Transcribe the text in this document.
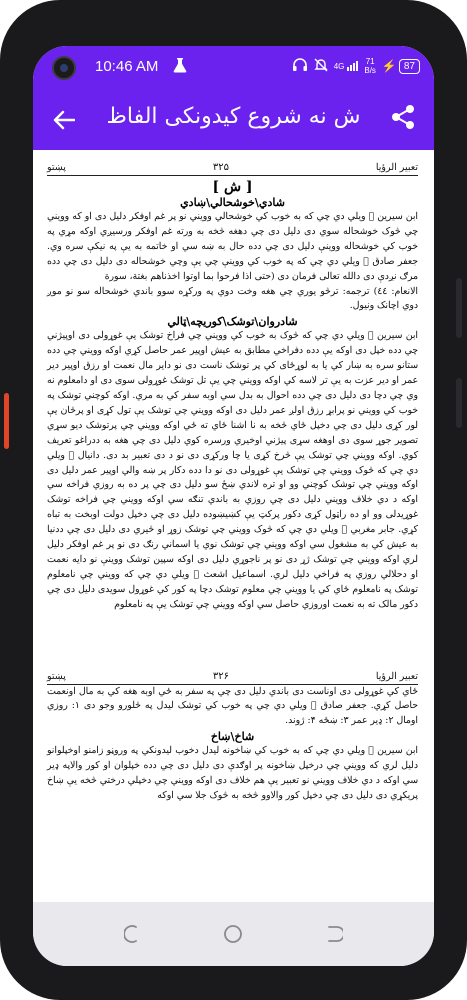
10:46 AM	4G
71
B/s ⚡ 87
ش نه شروع کيدونکی الفاظ
تعبیر الرؤیا
۳۲۵
پښتو
[ ش ]
شادي\خوشحالي\ښادي

ابن سيرين ﷫ ويلي دي چي که به خوب کي خوشحالي وويني نو پر غم اوفکر دليل دی او که وويني چي څوک خوشحاله سوي دی دليل دی چي دهغه څخه به ورته غم اوفکر ورسيږي اوکه مړي په خوب کي خوشحاله ووينې دليل دی چي دده حال به ښه سي او خاتمه به يې په نيکې سره وي. جعفر صادق ﷫ ويلي دي چي که په خوب کي ووينې چي يې وچي خوشحاله دی دليل دی چي دده مرګ نږدې دی دالله تعالى فرمان دی (حتى اذا فرحوا بما اوتوا اخذناهم بغتة، سورة

الانعام: ٤٤) ترجمه: ترڅو يوري چي هغه وخت دوي په ورکړه سوو باندي خوشحاله سو نو موږ دوي اچانک ونيول.

شادروان\توشک\کوريچه\ټالي

ابن سيرين ﷫ ويلي دي چي که څوک به خوب کي وويني چي فراخ توشک يې غوړولی دی اوپيژني چي دده خپل دی اوکه يې دده دفراخي مطابق به عيش اوپير عمر حاصل کړي اوکه وويني چي دده ستانو سره به ښار کي يا به لوړځای کي پر توشک ناست دی نو داير مال نعمت او رزق اوپير دير عمر او دير عزت به يې تر لاسه کي اوکه وويني چي يې تل توشک غوړولی سوی دی او دامعلوم نه وي چي دچا دی دليل دی چي دده احوال به بدل سي اوبه سفر کي به مري. اوکه کوچني توشک په خوب کي وويني نو پرابړ رزق اولږ عمر دليل دی اوکه وويني چي توشک يې تول کړی او پرڅان يې لور کړی دليل دی چي دخپل ځاي څخه به نا اشنا ځاي ته ځي اوکه وويني چي پرتوشک ديو سړي تصوير جوړ سوی دی اوهغه سړی پيژني اوخيري ورسره کوي دليل دی چي هغه به ددراغو تعريف کوي. اوکه وويني چي توشک يې څرخ کړی يا چا ورکړی دی نو د دی تعبير بد دی. دانيال ﷫ ويلي دي چي که څوک وويني چي توشک يې غوړولی دی نو دا دده دکار پر ښه والي اوپير عمر دليل دی اوکه وويني چي توشک کوچني وو او تره لاندي ښځ سو دليل دی چي پر ده به روزي فراخه سي اوکه د دي خلاف وويني دليل دی چي روزي به باندي تنګه سي اوکه وويني چي فراخه توشک غوړيدلی وو او ده راټول کړی دکور پرکټ يې کښيښوده دليل دی چي دخپل دولت اوبخت به تباه کړي. جابر مغربي ﷫ ويلي دي چي که څوک وويني چي توشک زوړ او څيري دی دليل دی چي ددنيا به عيش کي به مشغول سي اوکه وويني چي توشک نوي يا اسماني رنګ دی نو پر غم اوفکر دليل لري اوکه وويني چي توشک ژړ دی نو پر ناجوړي دليل دی اوکه سپين توشک ووينې نو دايه نعمت او دحلالي روزي په فراخي دليل لري. اسماعيل اشعث ﷫ ويلي دي چي که وويني چي نامعلوم توشک په نامعلوم ځاي کي يا وويني چي معلوم توشک دچا په کور کي غوړول سويدی دليل دی چي دکور مالک ته به نعمت اوروزي حاصل سي اوکه وويني چي توشک يې په نامعلوم

تعبیر الرؤیا
۳۲۶
پښتو

ځاي کي غوړولی دی اوناست دی باندي دليل دی چي په سفر به ځي اوبه هغه کي به مال اونعمت حاصل کړي. جعفر صادق ﷫ ويلي دي چي په خوب کي توشک ليدل په څلورو وجو دی ۱: روزي اومال ۲: ډير عمر ۳: ښځه ۴: ژوند.

شاخ\ښاخ

ابن سيرين ﷫ ويلي دي چي که به خوب کي ښاخونه ليدل دخوب ليدونکي په وروڼو زامنو اوخپلوانو دليل لري که وويني چي درخپل ښاخونه پر اوګدې دی دليل دی چي دده خپلوان او کور والاپه ډير سي اوکه د دي خلاف وويني نو تعبير يې هم خلاف دی اوکه وويني چي دخپلي درختي څخه يې ښاخ پريکړي دی دليل دی چي دخپل کور والاوو څخه به څوک جلا سي اوکه
